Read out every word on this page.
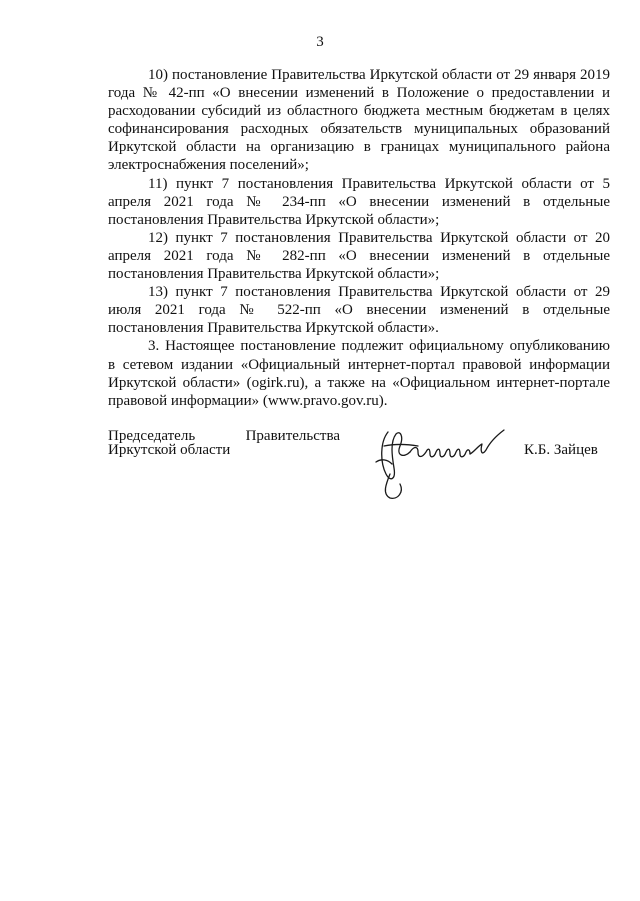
3

10) постановление Правительства Иркутской области от 29 января 2019 года № 42-пп «О внесении изменений в Положение о предоставлении и расходовании субсидий из областного бюджета местным бюджетам в целях софинансирования расходных обязательств муниципальных образований Иркутской области на организацию в границах муниципального района электроснабжения поселений»;

11) пункт 7 постановления Правительства Иркутской области от 5 апреля 2021 года № 234-пп «О внесении изменений в отдельные постановления Правительства Иркутской области»;

12) пункт 7 постановления Правительства Иркутской области от 20 апреля 2021 года № 282-пп «О внесении изменений в отдельные постановления Правительства Иркутской области»;

13) пункт 7 постановления Правительства Иркутской области от 29 июля 2021 года № 522-пп «О внесении изменений в отдельные постановления Правительства Иркутской области».

3. Настоящее постановление подлежит официальному опубликованию в сетевом издании «Официальный интернет-портал правовой информации Иркутской области» (ogirk.ru), а также на «Официальном интернет-портале правовой информации» (www.pravo.gov.ru).

Председатель Правительства
Иркутской области	К.Б. Зайцев
